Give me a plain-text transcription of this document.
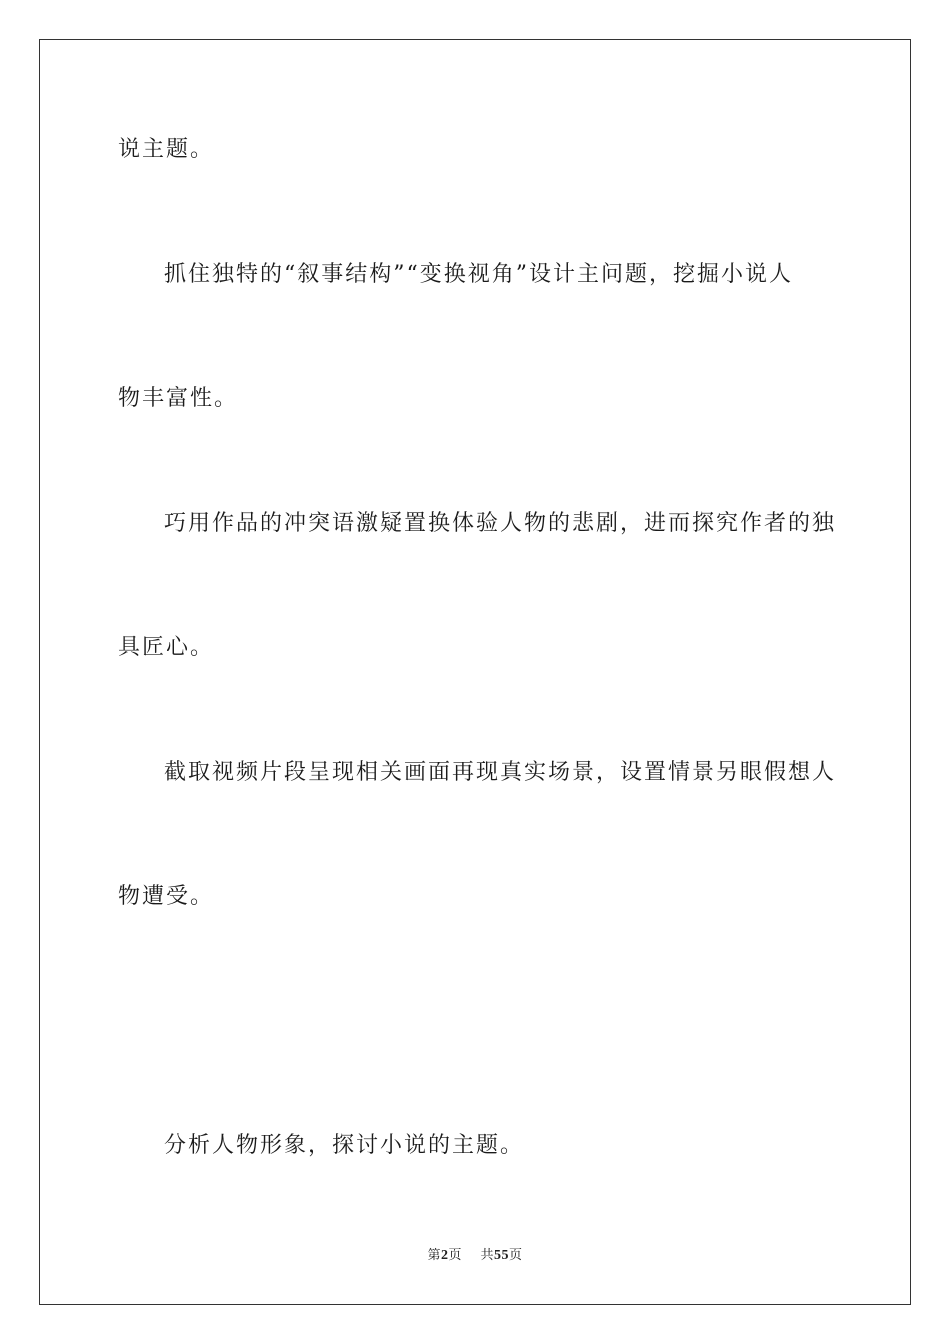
说主题。
抓住独特的“叙事结构”“变换视角”设计主问题，挖掘小说人
物丰富性。
巧用作品的冲突语激疑置换体验人物的悲剧，进而探究作者的独
具匠心。
截取视频片段呈现相关画面再现真实场景，设置情景另眼假想人
物遭受。
分析人物形象，探讨小说的主题。
第2页 共55页
